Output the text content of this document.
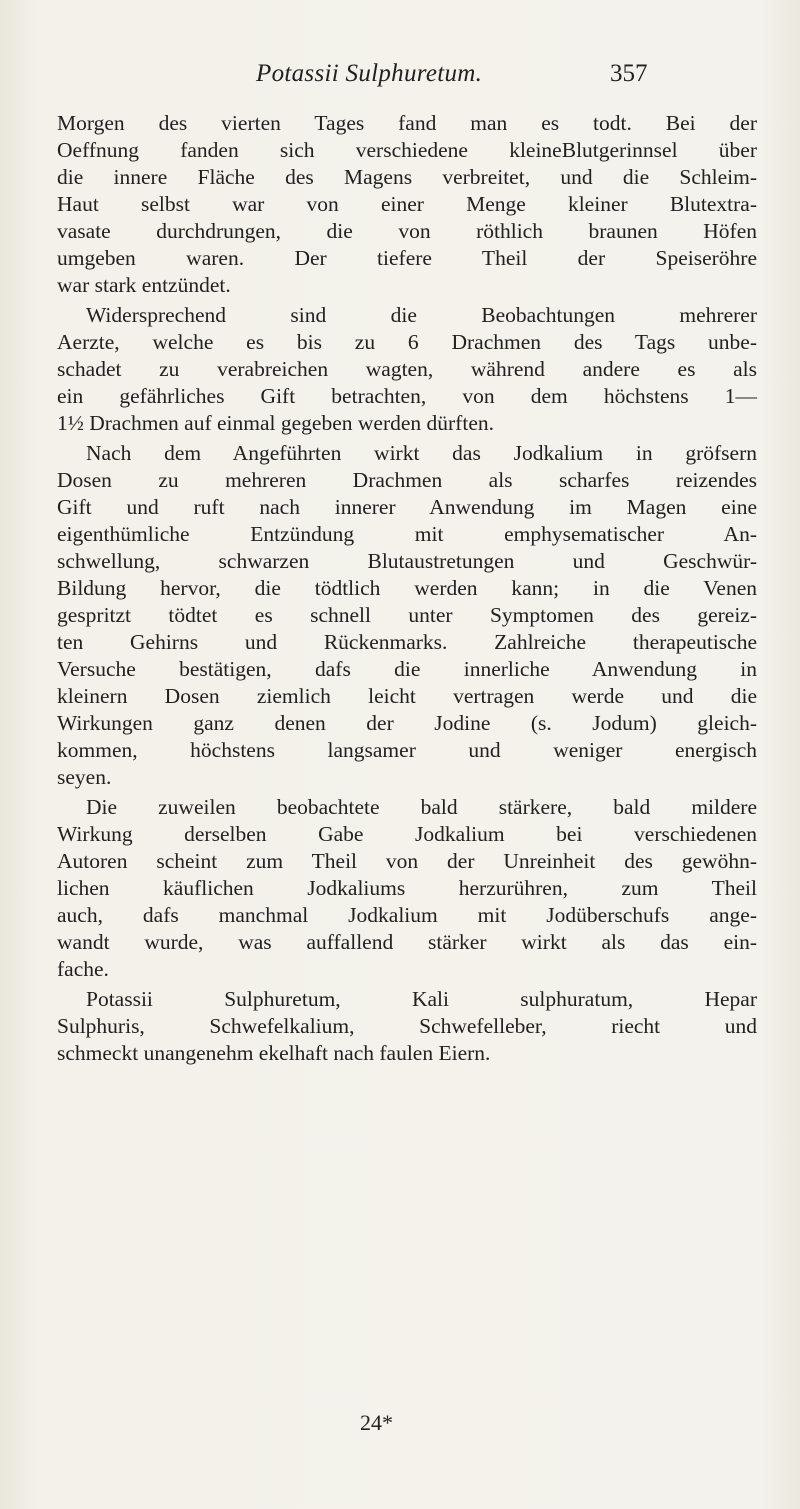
Potassii Sulphuretum.	357
Morgen des vierten Tages fand man es todt. Bei der
Oeffnung fanden sich verschiedene kleineBlutgerinnsel über
die innere Fläche des Magens verbreitet, und die Schleim-
Haut selbst war von einer Menge kleiner Blutextra-
vasate durchdrungen, die von röthlich braunen Höfen
umgeben waren. Der tiefere Theil der Speiseröhre
war stark entzündet.
Widersprechend sind die Beobachtungen mehrerer
Aerzte, welche es bis zu 6 Drachmen des Tags unbe-
schadet zu verabreichen wagten, während andere es als
ein gefährliches Gift betrachten, von dem höchstens 1—
1½ Drachmen auf einmal gegeben werden dürften.
Nach dem Angeführten wirkt das Jodkalium in gröfsern
Dosen zu mehreren Drachmen als scharfes reizendes
Gift und ruft nach innerer Anwendung im Magen eine
eigenthümliche Entzündung mit emphysematischer An-
schwellung, schwarzen Blutaustretungen und Geschwür-
Bildung hervor, die tödtlich werden kann; in die Venen
gespritzt tödtet es schnell unter Symptomen des gereiz-
ten Gehirns und Rückenmarks. Zahlreiche therapeutische
Versuche bestätigen, dafs die innerliche Anwendung in
kleinern Dosen ziemlich leicht vertragen werde und die
Wirkungen ganz denen der Jodine (s. Jodum) gleich-
kommen, höchstens langsamer und weniger energisch
seyen.
Die zuweilen beobachtete bald stärkere, bald mildere
Wirkung derselben Gabe Jodkalium bei verschiedenen
Autoren scheint zum Theil von der Unreinheit des gewöhn-
lichen käuflichen Jodkaliums herzurühren, zum Theil
auch, dafs manchmal Jodkalium mit Jodüberschufs ange-
wandt wurde, was auffallend stärker wirkt als das ein-
fache.
Potassii Sulphuretum, Kali sulphuratum, Hepar
Sulphuris, Schwefelkalium, Schwefelleber, riecht und
schmeckt unangenehm ekelhaft nach faulen Eiern.
24*
